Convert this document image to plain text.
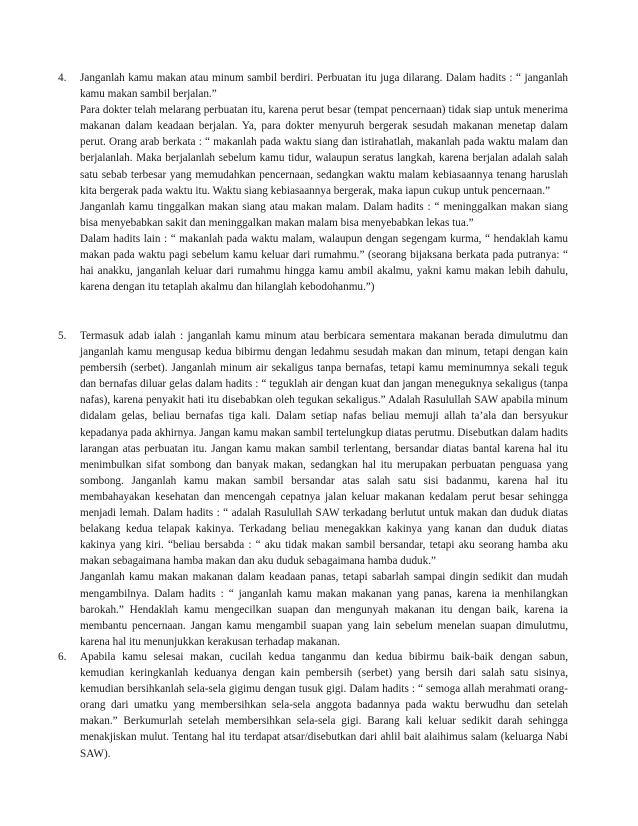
4.	Janganlah kamu makan atau minum sambil berdiri. Perbuatan itu juga dilarang. Dalam hadits : “ janganlah kamu makan sambil berjalan.”

Para dokter telah melarang perbuatan itu, karena perut besar (tempat pencernaan) tidak siap untuk menerima makanan dalam keadaan berjalan. Ya, para dokter menyuruh bergerak sesudah makanan menetap dalam perut. Orang arab berkata : “ makanlah pada waktu siang dan istirahatlah, makanlah pada waktu malam dan berjalanlah. Maka berjalanlah sebelum kamu tidur, walaupun seratus langkah, karena berjalan adalah salah satu sebab terbesar yang memudahkan pencernaan, sedangkan waktu malam kebiasaannya tenang haruslah kita bergerak pada waktu itu. Waktu siang kebiasaannya bergerak, maka iapun cukup untuk pencernaan.”

Janganlah kamu tinggalkan makan siang atau makan malam. Dalam hadits : “ meninggalkan makan siang bisa menyebabkan sakit dan meninggalkan makan malam bisa menyebabkan lekas tua.”

Dalam hadits lain : “ makanlah pada waktu malam, walaupun dengan segengam kurma, “ hendaklah kamu makan pada waktu pagi sebelum kamu keluar dari rumahmu.” (seorang bijaksana berkata pada putranya: “ hai anakku, janganlah keluar dari rumahmu hingga kamu ambil akalmu, yakni kamu makan lebih dahulu, karena dengan itu tetaplah akalmu dan hilanglah kebodohanmu.”)

5.	Termasuk adab ialah : janganlah kamu minum atau berbicara sementara makanan berada dimulutmu dan janganlah kamu mengusap kedua bibirmu dengan ledahmu sesudah makan dan minum, tetapi dengan kain pembersih (serbet). Janganlah minum air sekaligus tanpa bernafas, tetapi kamu meminumnya sekali teguk dan bernafas diluar gelas dalam hadits : “ teguklah air dengan kuat dan jangan meneguknya sekaligus (tanpa nafas), karena penyakit hati itu disebabkan oleh tegukan sekaligus.” Adalah Rasulullah SAW apabila minum didalam gelas, beliau bernafas tiga kali. Dalam setiap nafas beliau memuji allah ta’ala dan bersyukur kepadanya pada akhirnya. Jangan kamu makan sambil tertelungkup diatas perutmu. Disebutkan dalam hadits larangan atas perbuatan itu. Jangan kamu makan sambil terlentang, bersandar diatas bantal karena hal itu menimbulkan sifat sombong dan banyak makan, sedangkan hal itu merupakan perbuatan penguasa yang sombong. Janganlah kamu makan sambil bersandar atas salah satu sisi badanmu, karena hal itu membahayakan kesehatan dan mencengah cepatnya jalan keluar makanan kedalam perut besar sehingga menjadi lemah. Dalam hadits : “ adalah Rasulullah SAW terkadang berlutut untuk makan dan duduk diatas belakang kedua telapak kakinya. Terkadang beliau menegakkan kakinya yang kanan dan duduk diatas kakinya yang kiri. “beliau bersabda : “ aku tidak makan sambil bersandar, tetapi aku seorang hamba aku makan sebagaimana hamba makan dan aku duduk sebagaimana hamba duduk.”

Janganlah kamu makan makanan dalam keadaan panas, tetapi sabarlah sampai dingin sedikit dan mudah mengambilnya. Dalam hadits : “ janganlah kamu makan makanan yang panas, karena ia menhilangkan barokah.” Hendaklah kamu mengecilkan suapan dan mengunyah makanan itu dengan baik, karena ia membantu pencernaan. Jangan kamu mengambil suapan yang lain sebelum menelan suapan dimulutmu, karena hal itu menunjukkan kerakusan terhadap makanan.

6.	Apabila kamu selesai makan, cucilah kedua tanganmu dan kedua bibirmu baik-baik dengan sabun, kemudian keringkanlah keduanya dengan kain pembersih (serbet) yang bersih dari salah satu sisinya, kemudian bersihkanlah sela-sela gigimu dengan tusuk gigi. Dalam hadits : “ semoga allah merahmati orang-orang dari umatku yang membersihkan sela-sela anggota badannya pada waktu berwudhu dan setelah makan.” Berkumurlah setelah membersihkan sela-sela gigi. Barang kali keluar sedikit darah sehingga menakjiskan mulut. Tentang hal itu terdapat atsar/disebutkan dari ahlil bait alaihimus salam (keluarga Nabi SAW).
